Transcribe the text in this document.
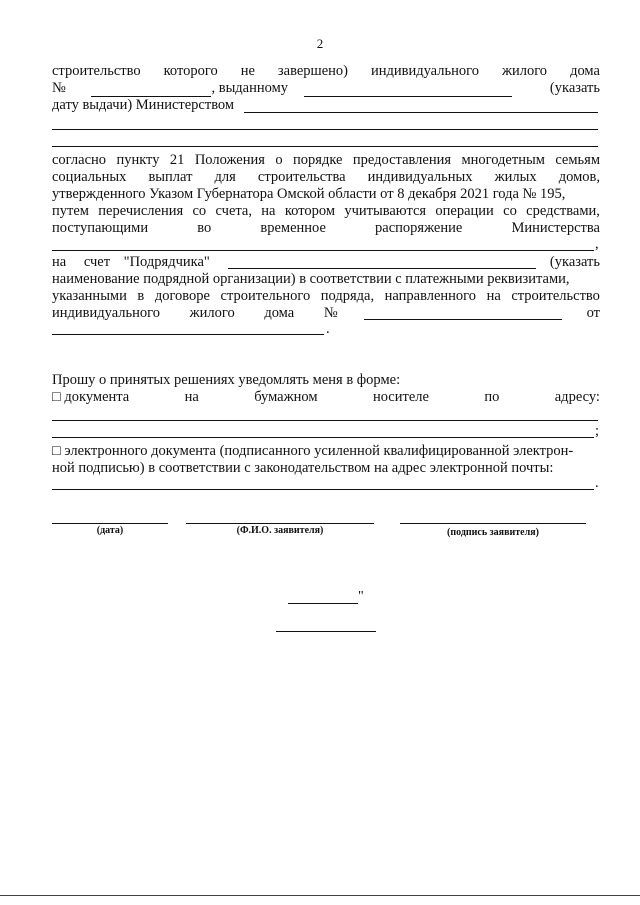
2
строительство которого не завершено) индивидуального жилого дома
№	, выданному	(указать
дату выдачи) Министерством
согласно пункту 21 Положения о порядке предоставления многодетным семьям
социальных выплат для строительства индивидуальных жилых домов,
утвержденного Указом Губернатора Омской области от 8 декабря 2021 года № 195,
путем перечисления со счета, на котором учитываются операции со средствами,
поступающими	во	временное	распоряжение	Министерства
,
на счет "Подрядчика"	(указать
наименование подрядной организации) в соответствии с платежными реквизитами,
указанными в договоре строительного подряда, направленного на строительство
индивидуального жилого дома №	от
.
Прошу о принятых решениях уведомлять меня в форме:
□ документа	на	бумажном	носителе	по	адресу:
;
□ электронного документа (подписанного усиленной квалифицированной электрон-
ной подписью) в соответствии с законодательством на адрес электронной почты:
.
(дата)	(Ф.И.О. заявителя)	(подпись заявителя)
"
